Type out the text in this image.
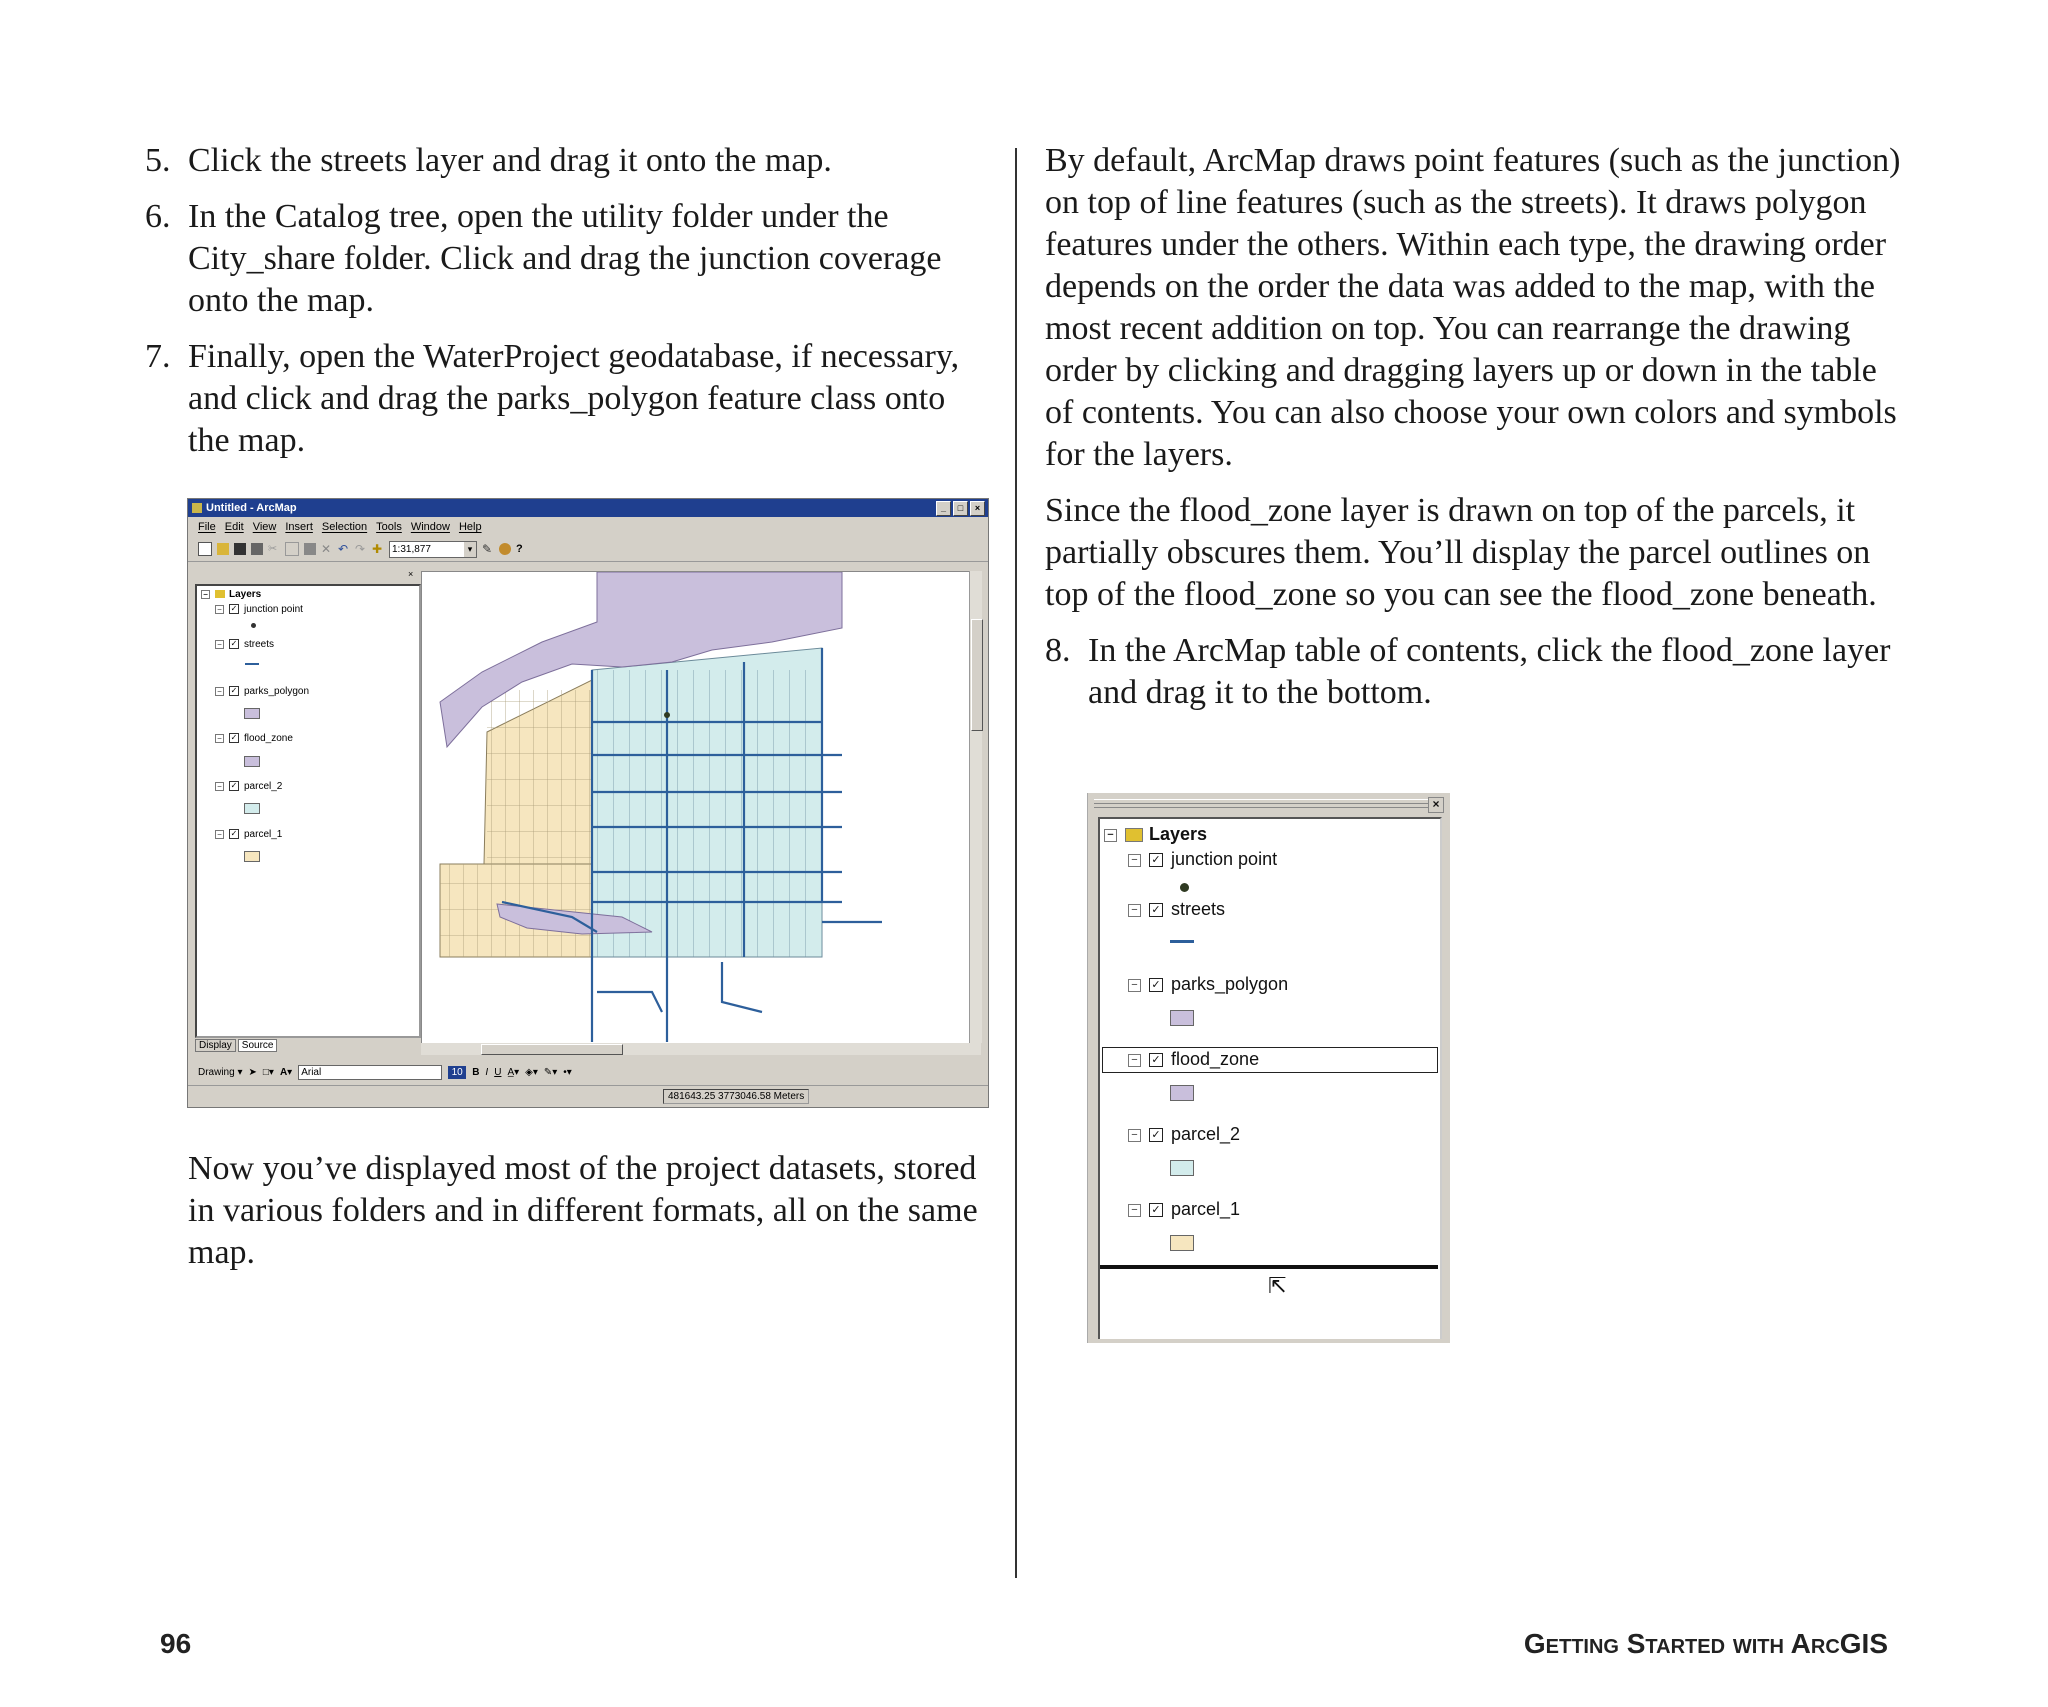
5. Click the streets layer and drag it onto the map.

6. In the Catalog tree, open the utility folder under the City_share folder. Click and drag the junction coverage onto the map.

7. Finally, open the WaterProject geodatabase, if necessary, and click and drag the parks_polygon feature class onto the map.

Now you’ve displayed most of the project datasets, stored in various folders and in different formats, all on the same map.

Untitled - ArcMap	_	□	×
File Edit View Insert Selection Tools Window Help
✂	✕ ↶ ↷ ✚ 1:31,877 ▾	✎ ?
×
− Layers
− ✓ junction point
− ✓ streets
− ✓ parks_polygon
− ✓ flood_zone
− ✓ parcel_2
− ✓ parcel_1
Display	Source
Drawing ▾ ➤ □▾ A▾ Arial	10 B I U A̲▾ ◈▾ ✎▾ •▾
481643.25 3773046.58 Meters

By default, ArcMap draws point features (such as the junction) on top of line features (such as the streets). It draws polygon features under the others. Within each type, the drawing order depends on the order the data was added to the map, with the most recent addition on top. You can rearrange the drawing order by clicking and dragging layers up or down in the table of contents. You can also choose your own colors and symbols for the layers.

Since the flood_zone layer is drawn on top of the parcels, it partially obscures them. You’ll display the parcel outlines on top of the flood_zone so you can see the flood_zone beneath.

8. In the ArcMap table of contents, click the flood_zone layer and drag it to the bottom.

×
− Layers
− ✓ junction point
− ✓ streets
− ✓ parks_polygon
− ✓ flood_zone
− ✓ parcel_2
− ✓ parcel_1
⇱
96	Getting Started with ArcGIS
